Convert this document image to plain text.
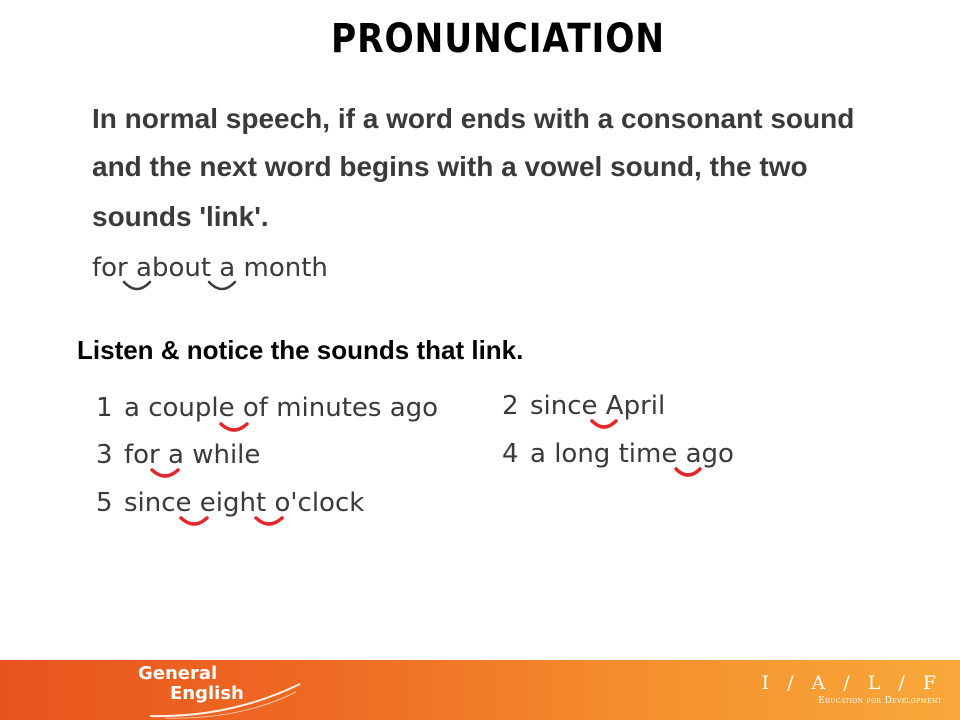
PRONUNCIATION
In normal speech, if a word ends with a consonant sound
and the next word begins with a vowel sound, the two
sounds 'link'.
for about a month
Listen & notice the sounds that link.
1 a couple of minutes ago 2 since April
3 for a while	4 a long time ago
5 since eight o'clock
General
English	I / A / L / F
Education for Development
